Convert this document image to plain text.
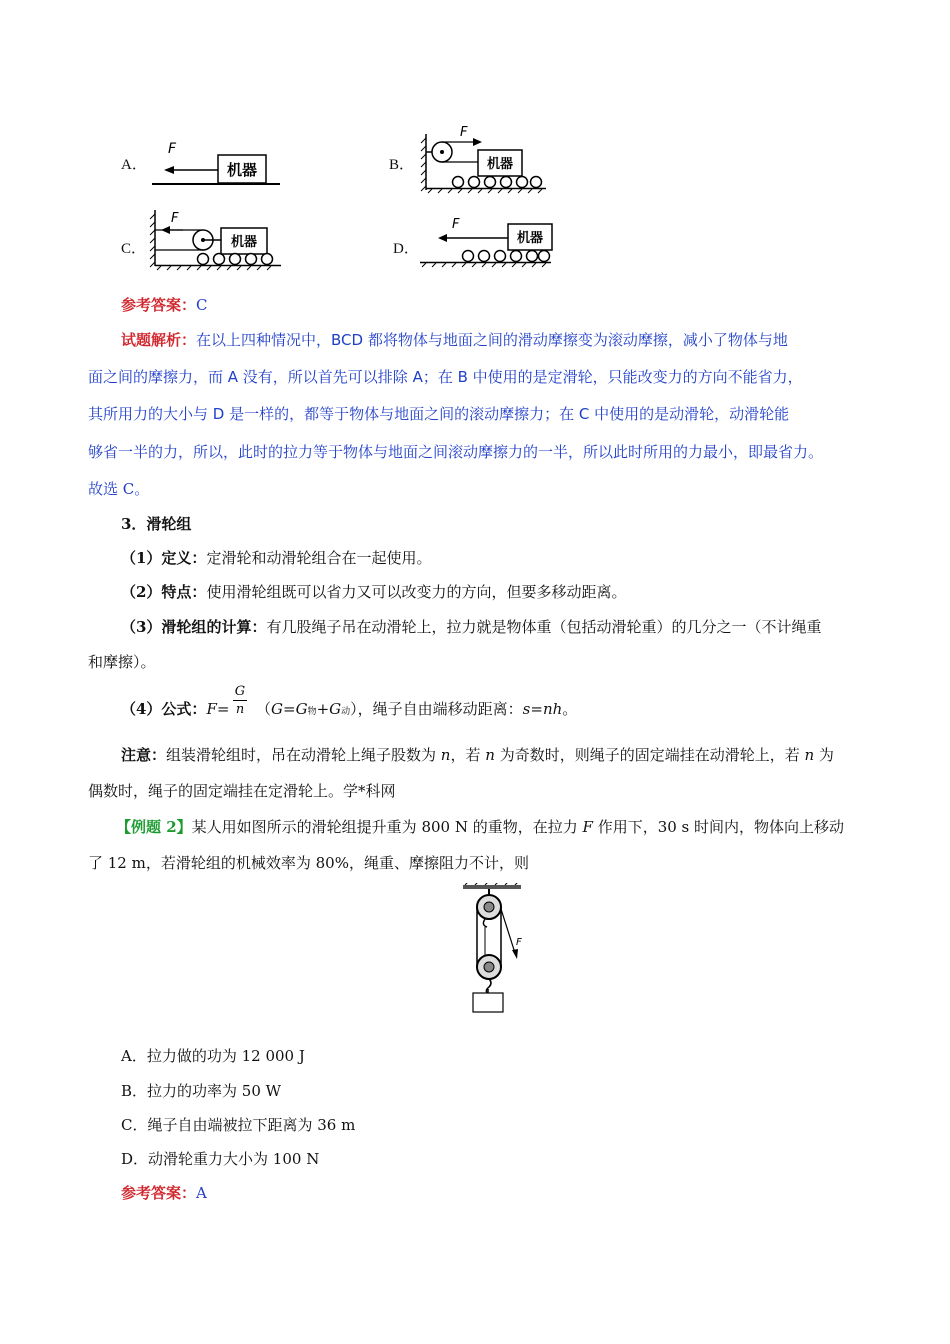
A．
F
机器	B．
F
机器
C．
F
机器	D．
F
机器
参考答案：C
试题解析：在以上四种情况中，BCD 都将物体与地面之间的滑动摩擦变为滚动摩擦，减小了物体与地
面之间的摩擦力，而 A 没有，所以首先可以排除 A；在 B 中使用的是定滑轮，只能改变力的方向不能省力，
其所用力的大小与 D 是一样的，都等于物体与地面之间的滚动摩擦力；在 C 中使用的是动滑轮，动滑轮能
够省一半的力，所以，此时的拉力等于物体与地面之间滚动摩擦力的一半，所以此时所用的力最小，即最省力。
故选 C。
3．滑轮组
（1）定义：定滑轮和动滑轮组合在一起使用。
（2）特点：使用滑轮组既可以省力又可以改变力的方向，但要多移动距离。
（3）滑轮组的计算：有几股绳子吊在动滑轮上，拉力就是物体重（包括动滑轮重）的几分之一（不计绳重
和摩擦）。
（4）公式：F=
G
n （G=G物+G动），绳子自由端移动距离：s=nh。
注意：组装滑轮组时，吊在动滑轮上绳子股数为 n，若 n 为奇数时，则绳子的固定端挂在动滑轮上，若 n 为
偶数时，绳子的固定端挂在定滑轮上。学*科网
【例题 2】某人用如图所示的滑轮组提升重为 800 N 的重物，在拉力 F 作用下，30 s 时间内，物体向上移动
了 12 m，若滑轮组的机械效率为 80%，绳重、摩擦阻力不计，则
F
A．拉力做的功为 12 000 J
B．拉力的功率为 50 W
C．绳子自由端被拉下距离为 36 m
D．动滑轮重力大小为 100 N
参考答案：A
